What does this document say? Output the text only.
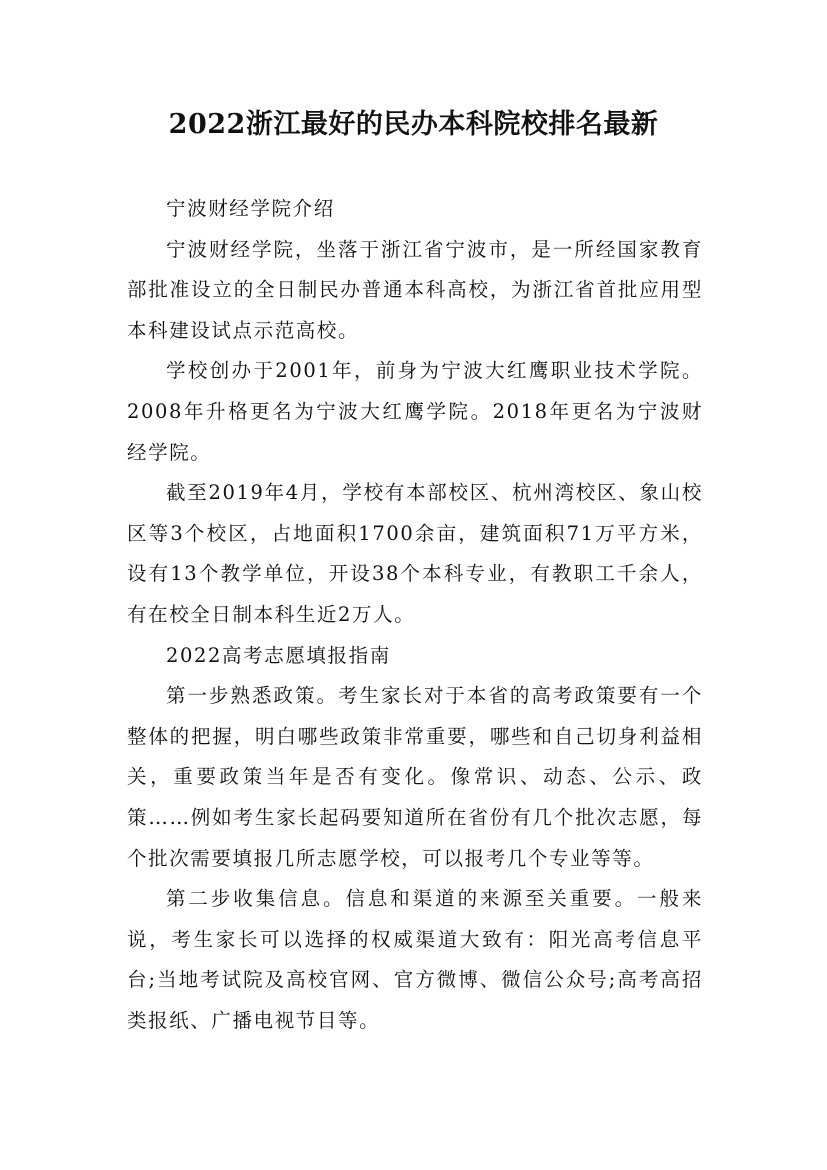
2022浙江最好的民办本科院校排名最新

宁波财经学院介绍

宁波财经学院，坐落于浙江省宁波市，是一所经国家教育部批准设立的全日制民办普通本科高校，为浙江省首批应用型本科建设试点示范高校。

学校创办于2001年，前身为宁波大红鹰职业技术学院。2008年升格更名为宁波大红鹰学院。2018年更名为宁波财经学院。

截至2019年4月，学校有本部校区、杭州湾校区、象山校区等3个校区，占地面积1700余亩，建筑面积71万平方米，设有13个教学单位，开设38个本科专业，有教职工千余人，有在校全日制本科生近2万人。

2022高考志愿填报指南

第一步熟悉政策。考生家长对于本省的高考政策要有一个整体的把握，明白哪些政策非常重要，哪些和自己切身利益相关，重要政策当年是否有变化。像常识、动态、公示、政策……例如考生家长起码要知道所在省份有几个批次志愿，每个批次需要填报几所志愿学校，可以报考几个专业等等。

第二步收集信息。信息和渠道的来源至关重要。一般来说，考生家长可以选择的权威渠道大致有：阳光高考信息平台;当地考试院及高校官网、官方微博、微信公众号;高考高招类报纸、广播电视节目等。
